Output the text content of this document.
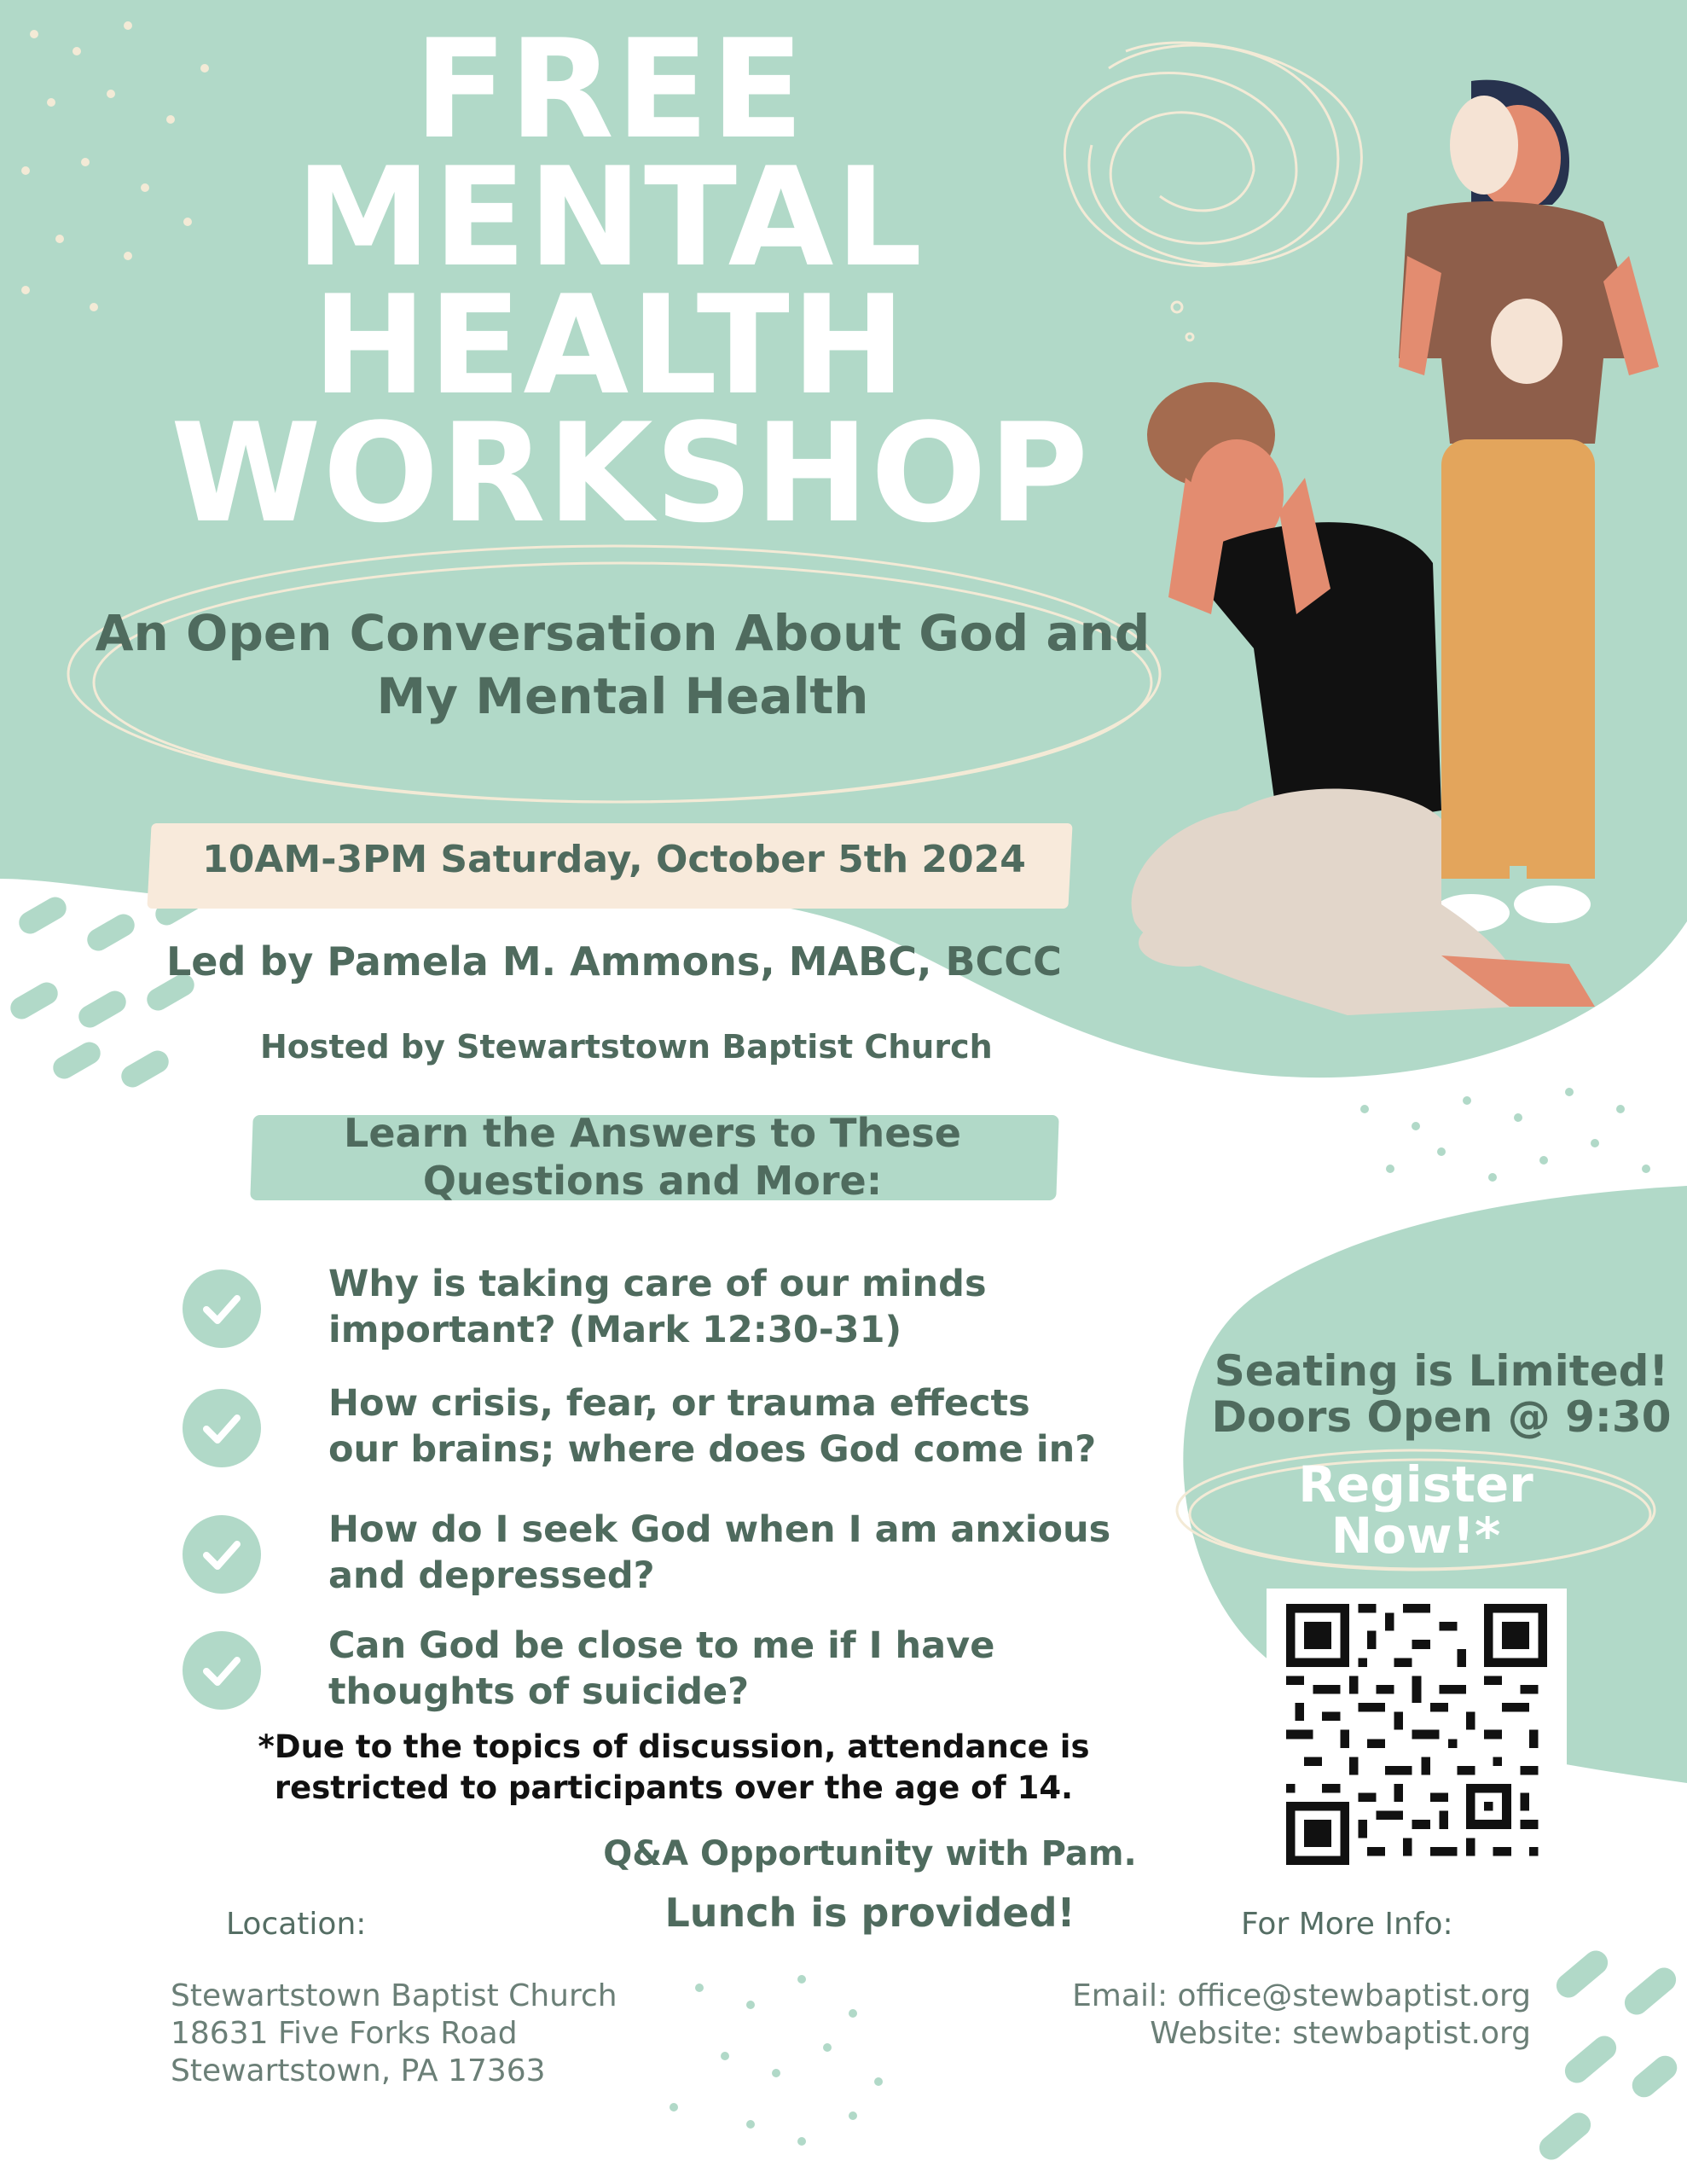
FREE
MENTAL
HEALTH
WORKSHOP
An Open Conversation About God and
My Mental Health
10AM-3PM Saturday, October 5th 2024
Led by Pamela M. Ammons, MABC, BCCC
Hosted by Stewartstown Baptist Church
Learn the Answers to These
Questions and More:
Why is taking care of our minds
important? (Mark 12:30-31)
How crisis, fear, or trauma effects
our brains; where does God come in?
How do I seek God when I am anxious
and depressed?
Can God be close to me if I have
thoughts of suicide?
*Due to the topics of discussion, attendance is
restricted to participants over the age of 14.
Q&A Opportunity with Pam.
Lunch is provided!
Location:
Stewartstown Baptist Church
18631 Five Forks Road
Stewartstown, PA 17363
For More Info:
Email: office@stewbaptist.org
Website: stewbaptist.org
Seating is Limited!
Doors Open @ 9:30
Register
Now!*
